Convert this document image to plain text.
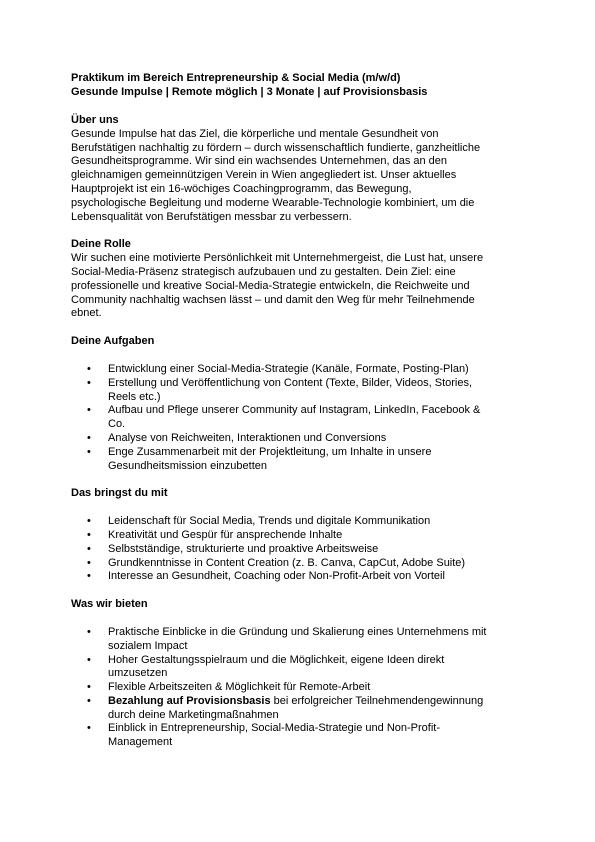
Praktikum im Bereich Entrepreneurship & Social Media (m/w/d)
Gesunde Impulse | Remote möglich | 3 Monate | auf Provisionsbasis
Über uns
Gesunde Impulse hat das Ziel, die körperliche und mentale Gesundheit von
Berufstätigen nachhaltig zu fördern – durch wissenschaftlich fundierte, ganzheitliche
Gesundheitsprogramme. Wir sind ein wachsendes Unternehmen, das an den
gleichnamigen gemeinnützigen Verein in Wien angegliedert ist. Unser aktuelles
Hauptprojekt ist ein 16-wöchiges Coachingprogramm, das Bewegung,
psychologische Begleitung und moderne Wearable-Technologie kombiniert, um die
Lebensqualität von Berufstätigen messbar zu verbessern.
Deine Rolle
Wir suchen eine motivierte Persönlichkeit mit Unternehmergeist, die Lust hat, unsere
Social-Media-Präsenz strategisch aufzubauen und zu gestalten. Dein Ziel: eine
professionelle und kreative Social-Media-Strategie entwickeln, die Reichweite und
Community nachhaltig wachsen lässt – und damit den Weg für mehr Teilnehmende
ebnet.
Deine Aufgaben
• Entwicklung einer Social-Media-Strategie (Kanäle, Formate, Posting-Plan)
• Erstellung und Veröffentlichung von Content (Texte, Bilder, Videos, Stories,
Reels etc.)
• Aufbau und Pflege unserer Community auf Instagram, LinkedIn, Facebook &
Co.
• Analyse von Reichweiten, Interaktionen und Conversions
• Enge Zusammenarbeit mit der Projektleitung, um Inhalte in unsere
Gesundheitsmission einzubetten
Das bringst du mit
• Leidenschaft für Social Media, Trends und digitale Kommunikation
• Kreativität und Gespür für ansprechende Inhalte
• Selbstständige, strukturierte und proaktive Arbeitsweise
• Grundkenntnisse in Content Creation (z. B. Canva, CapCut, Adobe Suite)
• Interesse an Gesundheit, Coaching oder Non-Profit-Arbeit von Vorteil
Was wir bieten
• Praktische Einblicke in die Gründung und Skalierung eines Unternehmens mit
sozialem Impact
• Hoher Gestaltungsspielraum und die Möglichkeit, eigene Ideen direkt
umzusetzen
• Flexible Arbeitszeiten & Möglichkeit für Remote-Arbeit
• Bezahlung auf Provisionsbasis bei erfolgreicher Teilnehmendengewinnung
durch deine Marketingmaßnahmen
• Einblick in Entrepreneurship, Social-Media-Strategie und Non-Profit-
Management
